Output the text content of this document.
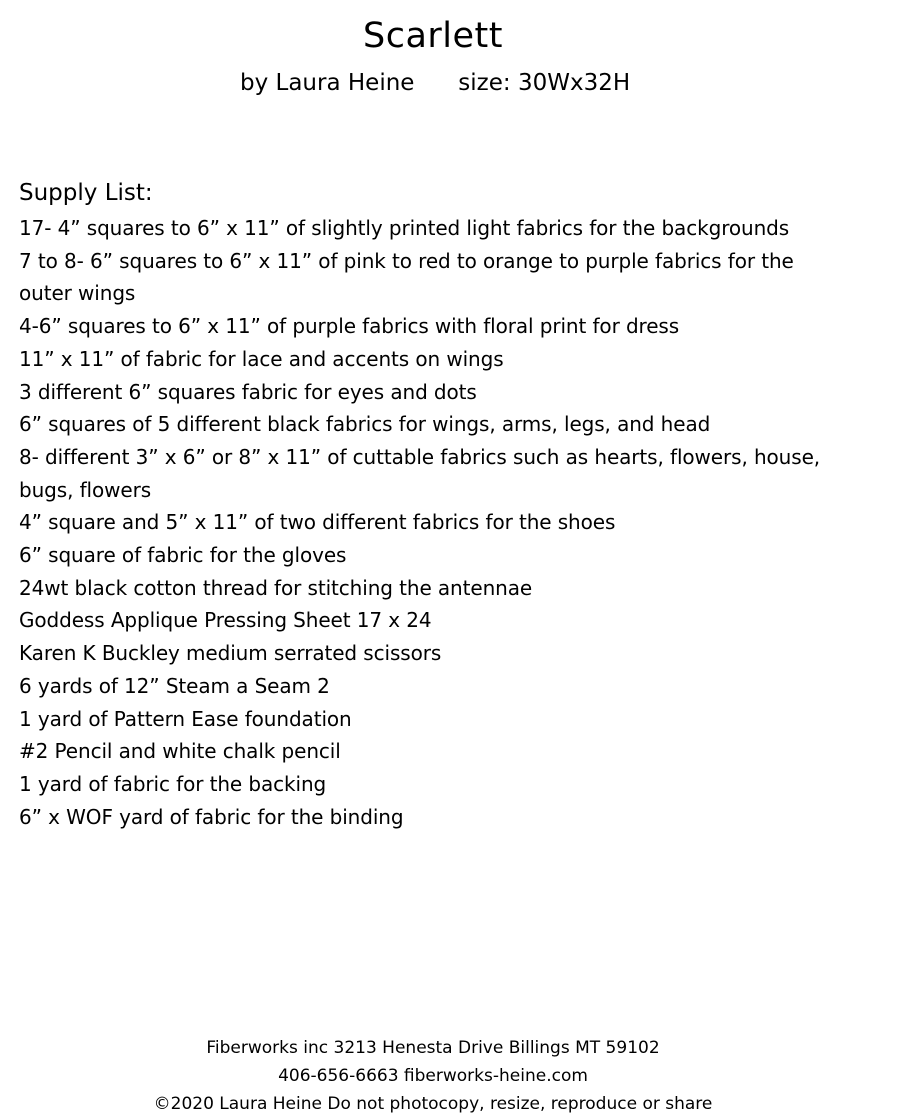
Scarlett
by Laura Heine      size: 30Wx32H
Supply List:
17- 4” squares to 6” x 11” of slightly printed light fabrics for the backgrounds
7 to 8- 6” squares to 6” x 11” of pink to red to orange to purple fabrics for the
outer wings
4-6” squares to 6” x 11” of purple fabrics with floral print for dress
11” x 11” of fabric for lace and accents on wings
3 different 6” squares fabric for eyes and dots
6” squares of 5 different black fabrics for wings, arms, legs, and head
8- different 3” x 6” or 8” x 11” of cuttable fabrics such as hearts, flowers, house,
bugs, flowers
4” square and 5” x 11” of two different fabrics for the shoes
6” square of fabric for the gloves
24wt black cotton thread for stitching the antennae
Goddess Applique Pressing Sheet 17 x 24
Karen K Buckley medium serrated scissors
6 yards of 12” Steam a Seam 2
1 yard of Pattern Ease foundation
#2 Pencil and white chalk pencil
1 yard of fabric for the backing
6” x WOF yard of fabric for the binding
Fiberworks inc 3213 Henesta Drive Billings MT 59102
406-656-6663 fiberworks-heine.com
©2020 Laura Heine Do not photocopy, resize, reproduce or share
